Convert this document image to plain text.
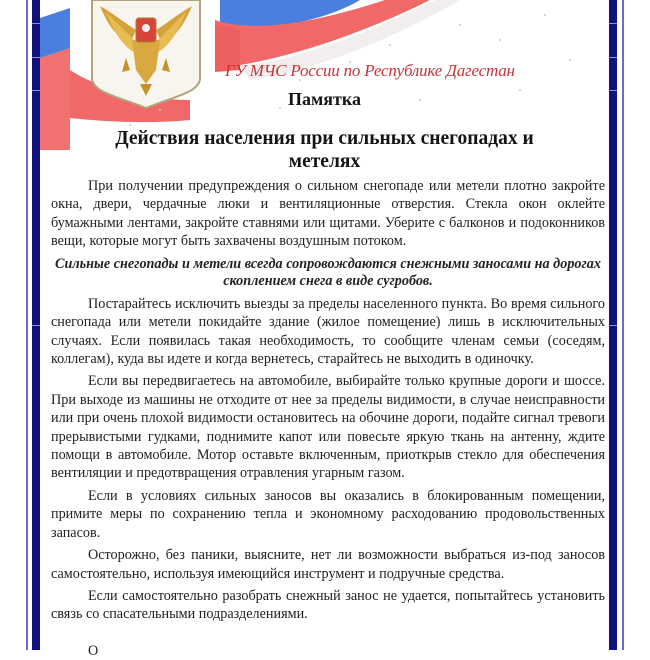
ГУ МЧС России по Республике Дагестан
Памятка
Действия населения при сильных снегопадах и метелях

При получении предупреждения о сильном снегопаде или метели плотно закройте окна, двери, чердачные люки и вентиляционные отверстия. Стекла окон оклейте бумажными лентами, закройте ставнями или щитами. Уберите с балконов и подоконников вещи, которые могут быть захвачены воздушным потоком.

Сильные снегопады и метели всегда сопровождаются снежными заносами на дорогах скоплением снега в виде сугробов.

Постарайтесь исключить выезды за пределы населенного пункта. Во время сильного снегопада или метели покидайте здание (жилое помещение) лишь в исключительных случаях. Если появилась такая необходимость, то сообщите членам семьи (соседям, коллегам), куда вы идете и когда вернетесь, старайтесь не выходить в одиночку.

Если вы передвигаетесь на автомобиле, выбирайте только крупные дороги и шоссе. При выходе из машины не отходите от нее за пределы видимости, в случае неисправности или при очень плохой видимости остановитесь на обочине дороги, подайте сигнал тревоги прерывистыми гудками, поднимите капот или повесьте яркую ткань на антенну, ждите помощи в автомобиле. Мотор оставьте включенным, приоткрыв стекло для обеспечения вентиляции и предотвращения отравления угарным газом.

Если в условиях сильных заносов вы оказались в блокированным помещении, примите меры по сохранению тепла и экономному расходованию продовольственных запасов.

Осторожно, без паники, выясните, нет ли возможности выбраться из-под заносов самостоятельно, используя имеющийся инструмент и подручные средства.

Если самостоятельно разобрать снежный занос не удается, попытайтесь установить связь со спасательными подразделениями.

О
